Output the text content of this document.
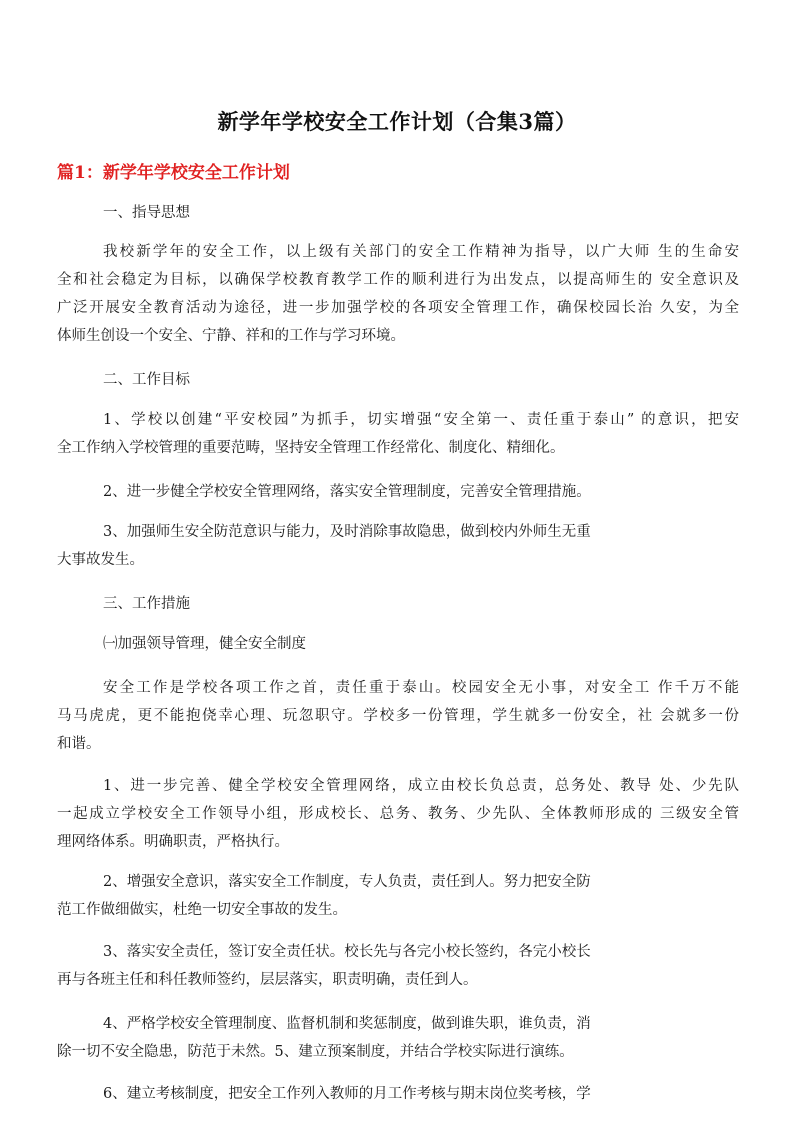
新学年学校安全工作计划（合集3篇）
篇1：新学年学校安全工作计划
一、指导思想
我校新学年的安全工作，以上级有关部门的安全工作精神为指导，以广大师 生的生命安
全和社会稳定为目标，以确保学校教育教学工作的顺利进行为出发点，以提高师生的 安全意识及
广泛开展安全教育活动为途径，进一步加强学校的各项安全管理工作，确保校园长治 久安，为全
体师生创设一个安全、宁静、祥和的工作与学习环境。
二、工作目标
1、学校以创建“平安校园”为抓手，切实增强“安全第一、责任重于泰山” 的意识，把安
全工作纳入学校管理的重要范畴，坚持安全管理工作经常化、制度化、精细化。
2、进一步健全学校安全管理网络，落实安全管理制度，完善安全管理措施。
3、加强师生安全防范意识与能力，及时消除事故隐患，做到校内外师生无重
大事故发生。
三、工作措施
㈠加强领导管理，健全安全制度
安全工作是学校各项工作之首，责任重于泰山。校园安全无小事，对安全工 作千万不能
马马虎虎，更不能抱侥幸心理、玩忽职守。学校多一份管理，学生就多一份安全，社 会就多一份
和谐。
1、进一步完善、健全学校安全管理网络，成立由校长负总责，总务处、教导 处、少先队
一起成立学校安全工作领导小组，形成校长、总务、教务、少先队、全体教师形成的 三级安全管
理网络体系。明确职责，严格执行。
2、增强安全意识，落实安全工作制度，专人负责，责任到人。努力把安全防
范工作做细做实，杜绝一切安全事故的发生。
3、落实安全责任，签订安全责任状。校长先与各完小校长签约，各完小校长
再与各班主任和科任教师签约，层层落实，职责明确，责任到人。
4、严格学校安全管理制度、监督机制和奖惩制度，做到谁失职，谁负责，消
除一切不安全隐患，防范于未然。5、建立预案制度，并结合学校实际进行演练。
6、建立考核制度，把安全工作列入教师的月工作考核与期末岗位奖考核，学
